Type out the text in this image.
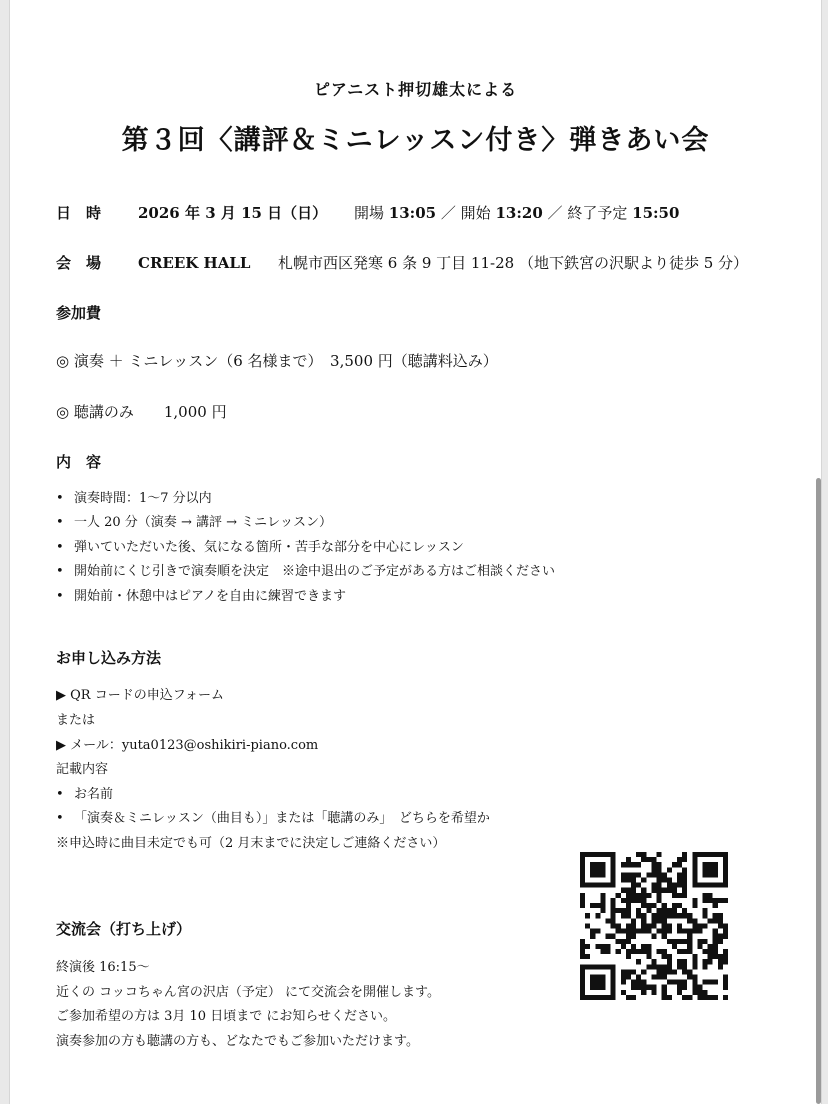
ピアニスト押切雄太による
第３回〈講評＆ミニレッスン付き〉弾きあい会
日　時 2026 年 3 月 15 日（日） 開場 13:05 ／ 開始 13:20 ／ 終了予定 15:50
会　場 CREEK HALL 札幌市西区発寒 6 条 9 丁目 11-28 （地下鉄宮の沢駅より徒歩 5 分）
参加費
◎ 演奏 ＋ ミニレッスン（6 名様まで）　3,500 円（聴講料込み）
◎ 聴講のみ　　1,000 円
内　容
• 演奏時間：1〜7 分以内
• 一人 20 分（演奏 → 講評 → ミニレッスン）
• 弾いていただいた後、気になる箇所・苦手な部分を中心にレッスン
• 開始前にくじ引きで演奏順を決定　※途中退出のご予定がある方はご相談ください
• 開始前・休憩中はピアノを自由に練習できます
お申し込み方法
▶ QR コードの申込フォーム
または
▶ メール：yuta0123@oshikiri-piano.com
記載内容
• お名前
• 「演奏＆ミニレッスン（曲目も）」または「聴講のみ」　どちらを希望か
※申込時に曲目未定でも可（2 月末までに決定しご連絡ください）
交流会（打ち上げ）
終演後 16:15〜
近くの コッコちゃん宮の沢店（予定） にて交流会を開催します。
ご参加希望の方は 3月 10 日頃まで にお知らせください。
演奏参加の方も聴講の方も、どなたでもご参加いただけます。
